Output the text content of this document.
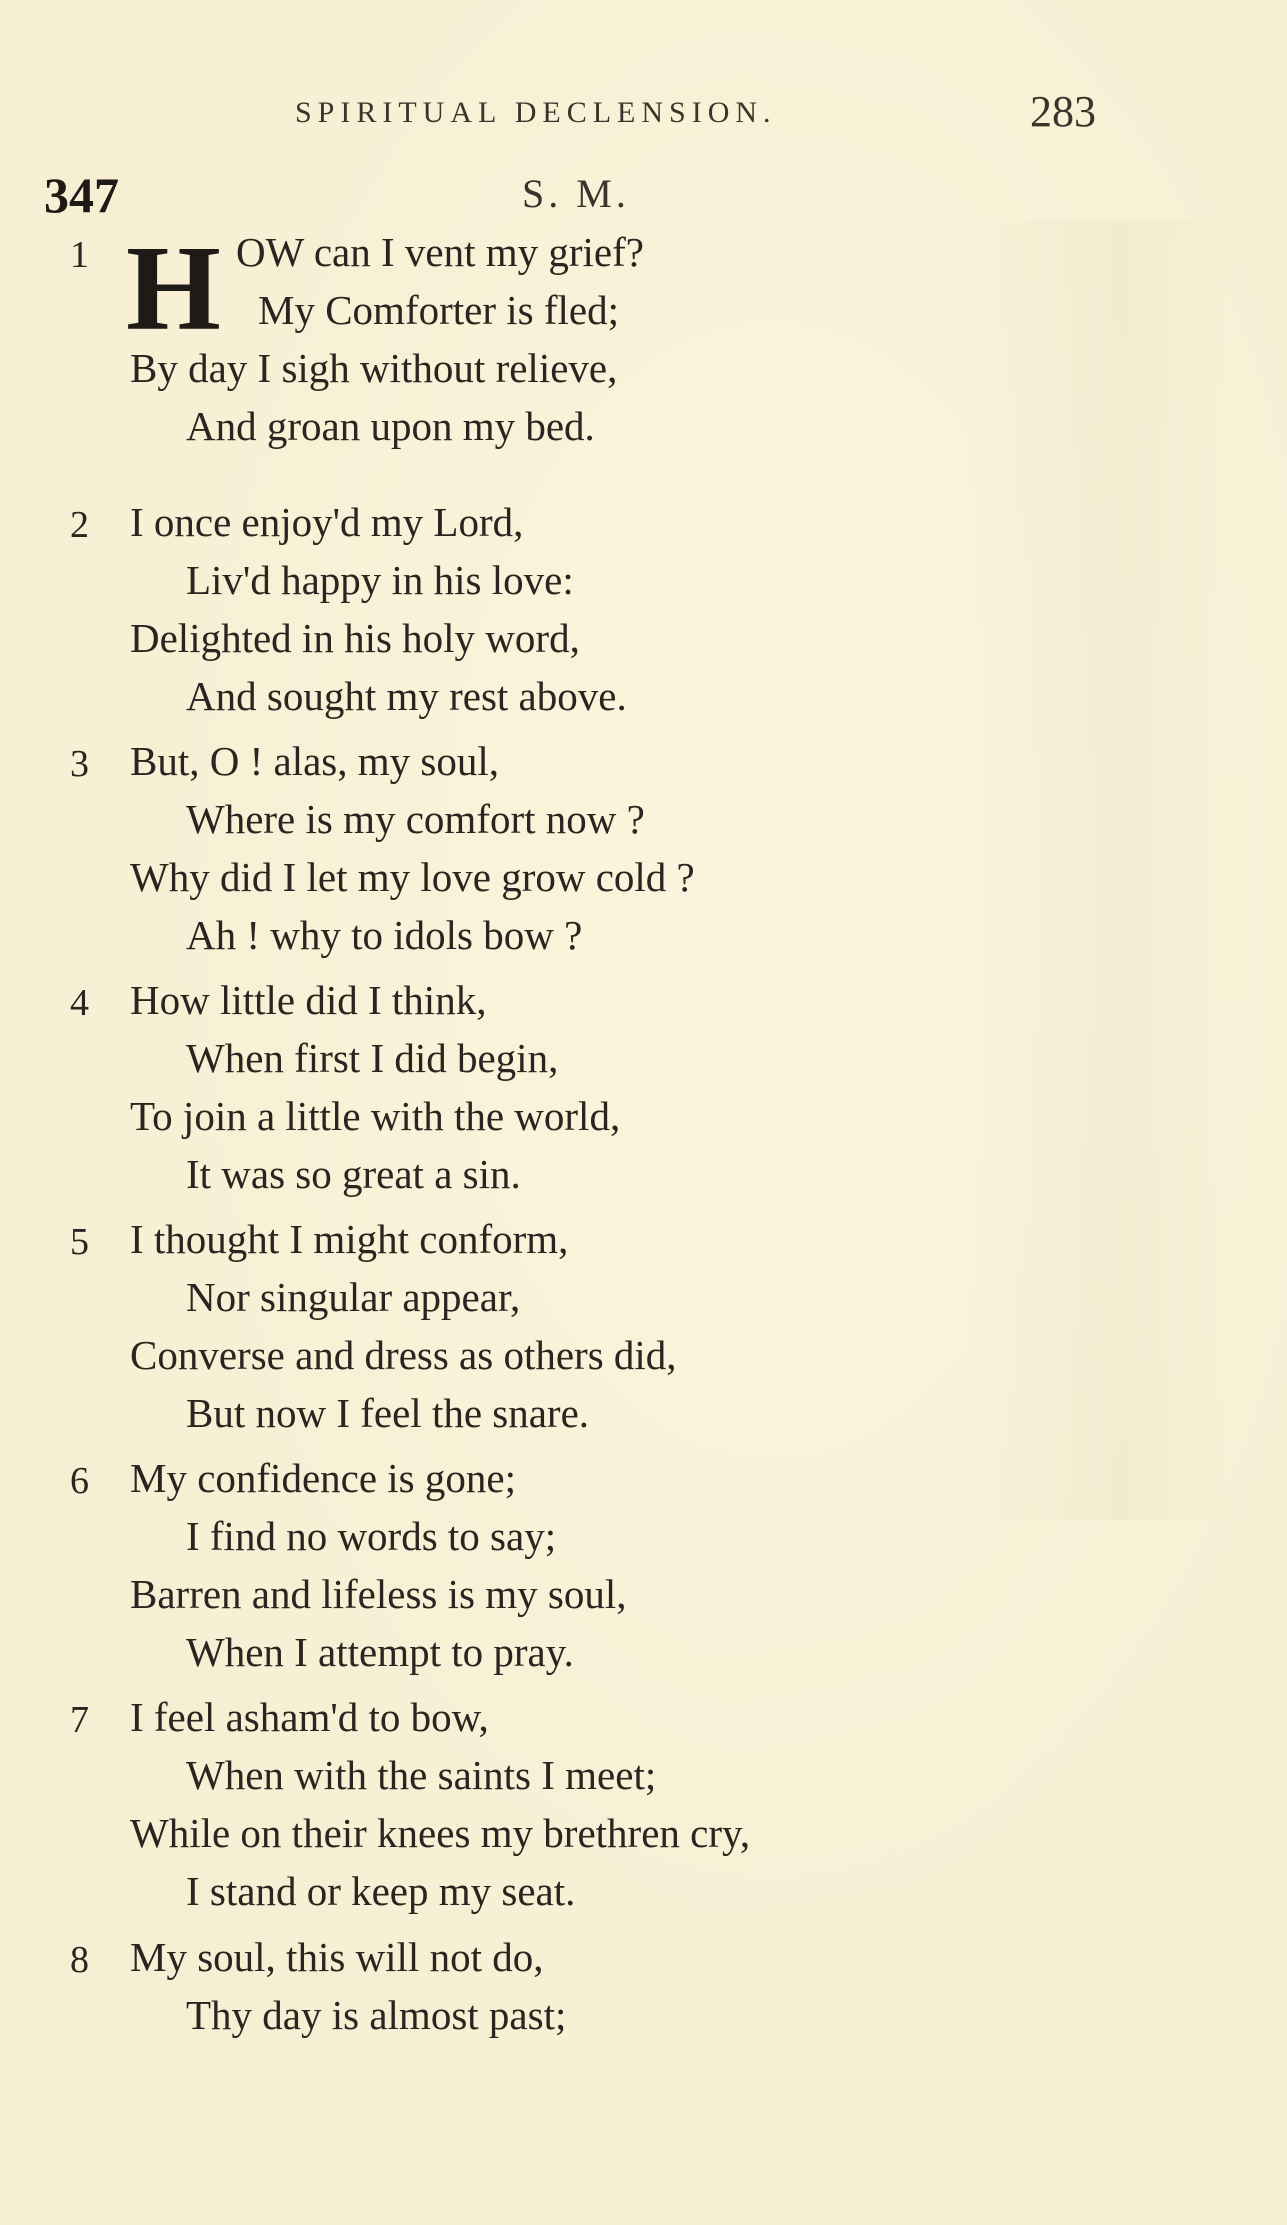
SPIRITUAL DECLENSION.	283
347	S. M.
H
1	OW can I vent my grief?
My Comforter is fled;
By day I sigh without relieve,
And groan upon my bed.
2 I once enjoy'd my Lord,
Liv'd happy in his love:
Delighted in his holy word,
And sought my rest above.
3 But, O ! alas, my soul,
Where is my comfort now ?
Why did I let my love grow cold ?
Ah ! why to idols bow ?
4 How little did I think,
When first I did begin,
To join a little with the world,
It was so great a sin.
5 I thought I might conform,
Nor singular appear,
Converse and dress as others did,
But now I feel the snare.
6 My confidence is gone;
I find no words to say;
Barren and lifeless is my soul,
When I attempt to pray.
7 I feel asham'd to bow,
When with the saints I meet;
While on their knees my brethren cry,
I stand or keep my seat.
8 My soul, this will not do,
Thy day is almost past;
